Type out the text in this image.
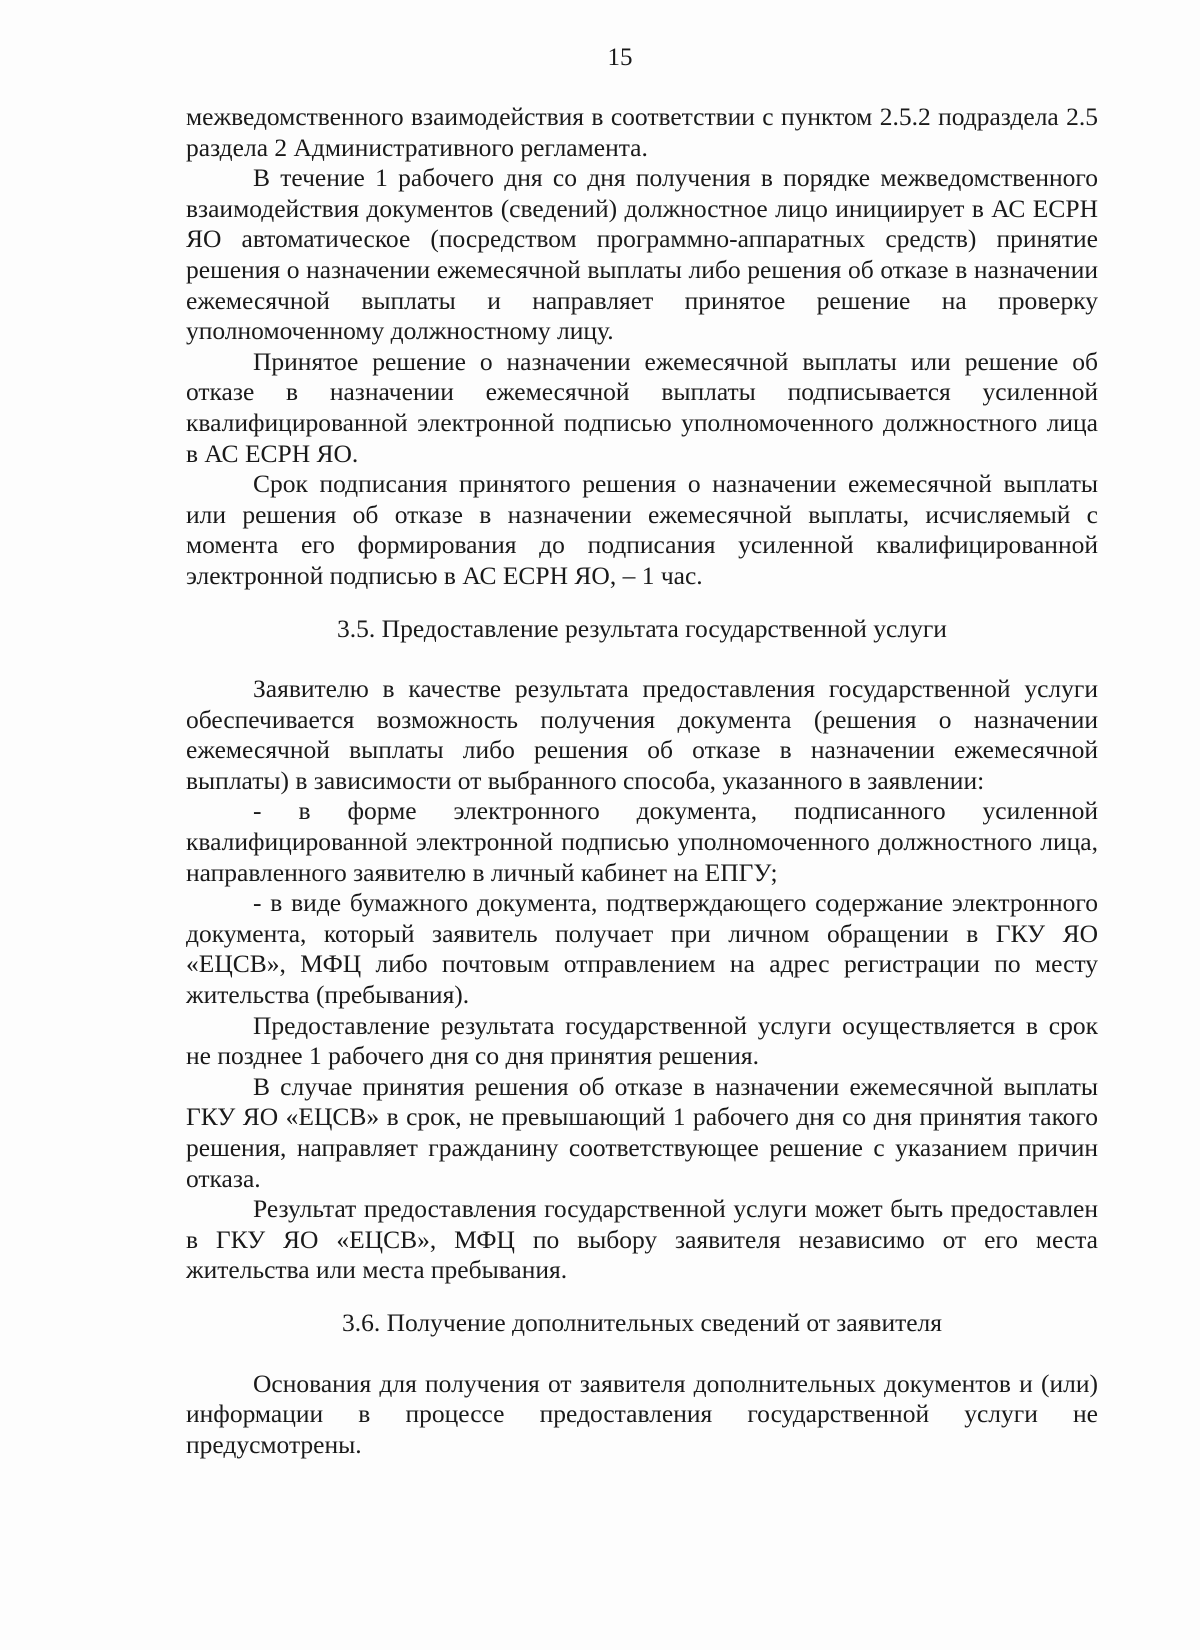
15

межведомственного взаимодействия в соответствии с пунктом 2.5.2 подраздела 2.5 раздела 2 Административного регламента.

В течение 1 рабочего дня со дня получения в порядке межведомственного взаимодействия документов (сведений) должностное лицо инициирует в АС ЕСРН ЯО автоматическое (посредством программно-аппаратных средств) принятие решения о назначении ежемесячной выплаты либо решения об отказе в назначении ежемесячной выплаты и направляет принятое решение на проверку уполномоченному должностному лицу.

Принятое решение о назначении ежемесячной выплаты или решение об отказе в назначении ежемесячной выплаты подписывается усиленной квалифицированной электронной подписью уполномоченного должностного лица в АС ЕСРН ЯО.

Срок подписания принятого решения о назначении ежемесячной выплаты или решения об отказе в назначении ежемесячной выплаты, исчисляемый с момента его формирования до подписания усиленной квалифицированной электронной подписью в АС ЕСРН ЯО, – 1 час.

3.5. Предоставление результата государственной услуги

Заявителю в качестве результата предоставления государственной услуги обеспечивается возможность получения документа (решения о назначении ежемесячной выплаты либо решения об отказе в назначении ежемесячной выплаты) в зависимости от выбранного способа, указанного в заявлении:

- в форме электронного документа, подписанного усиленной квалифицированной электронной подписью уполномоченного должностного лица, направленного заявителю в личный кабинет на ЕПГУ;

- в виде бумажного документа, подтверждающего содержание электронного документа, который заявитель получает при личном обращении в ГКУ ЯО «ЕЦСВ», МФЦ либо почтовым отправлением на адрес регистрации по месту жительства (пребывания).

Предоставление результата государственной услуги осуществляется в срок не позднее 1 рабочего дня со дня принятия решения.

В случае принятия решения об отказе в назначении ежемесячной выплаты ГКУ ЯО «ЕЦСВ» в срок, не превышающий 1 рабочего дня со дня принятия такого решения, направляет гражданину соответствующее решение с указанием причин отказа.

Результат предоставления государственной услуги может быть предоставлен в ГКУ ЯО «ЕЦСВ», МФЦ по выбору заявителя независимо от его места жительства или места пребывания.

3.6. Получение дополнительных сведений от заявителя

Основания для получения от заявителя дополнительных документов и (или) информации в процессе предоставления государственной услуги не предусмотрены.
